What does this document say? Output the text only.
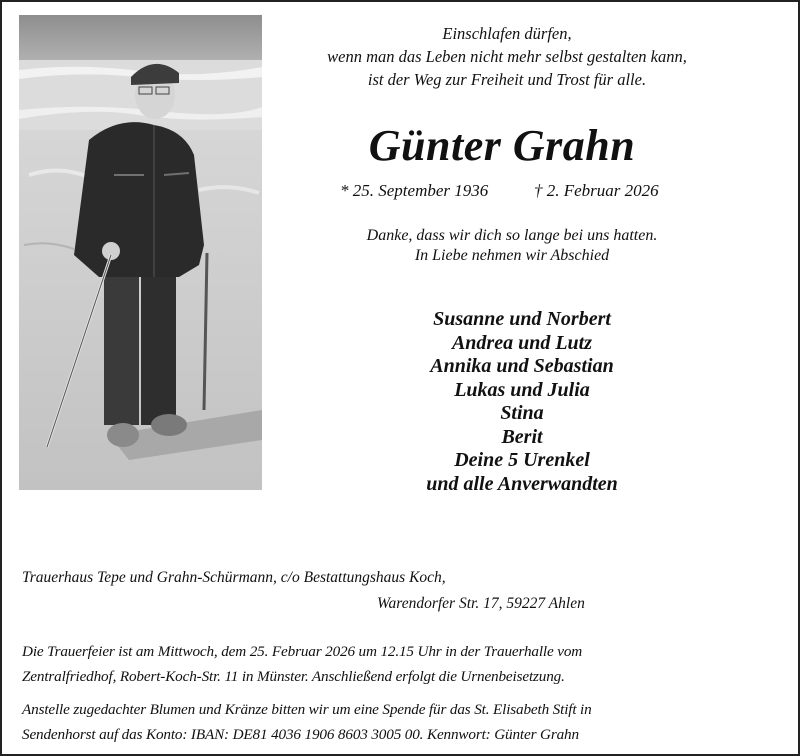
Einschlafen dürfen,
wenn man das Leben nicht mehr selbst gestalten kann,
ist der Weg zur Freiheit und Trost für alle.
Günter Grahn
* 25. September 1936	† 2. Februar 2026
Danke, dass wir dich so lange bei uns hatten.
In Liebe nehmen wir Abschied
Susanne und Norbert
Andrea und Lutz
Annika und Sebastian
Lukas und Julia
Stina
Berit
Deine 5 Urenkel
und alle Anverwandten
Trauerhaus Tepe und Grahn-Schürmann, c/o Bestattungshaus Koch,
Warendorfer Str. 17, 59227 Ahlen
Die Trauerfeier ist am Mittwoch, dem 25. Februar 2026 um 12.15 Uhr in der Trauerhalle vom
Zentralfriedhof, Robert-Koch-Str. 11 in Münster. Anschließend erfolgt die Urnenbeisetzung.
Anstelle zugedachter Blumen und Kränze bitten wir um eine Spende für das St. Elisabeth Stift in
Sendenhorst auf das Konto: IBAN: DE81 4036 1906 8603 3005 00. Kennwort: Günter Grahn
